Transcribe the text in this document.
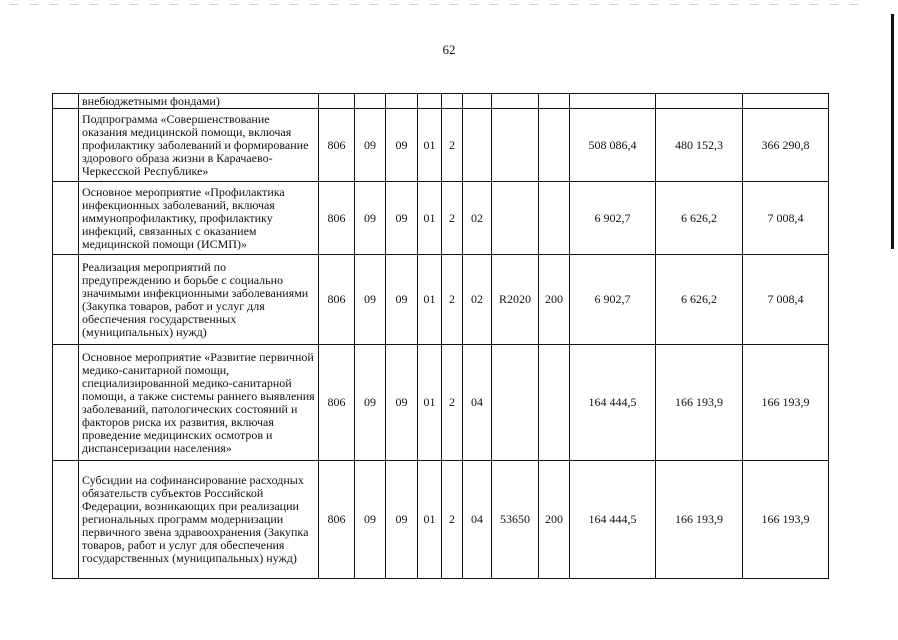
62
	внебюджетными фондами)											
	Подпрограмма «Совершенствование оказания медицинской помощи, включая профилактику заболеваний и формирование здорового образа жизни в Карачаево-Черкесской Республике»	806	09	09	01	2				508 086,4	480 152,3	366 290,8
	Основное мероприятие «Профилактика инфекционных заболеваний, включая иммунопрофилактику, профилактику инфекций, связанных с оказанием медицинской помощи (ИСМП)»	806	09	09	01	2	02			6 902,7	6 626,2	7 008,4
	Реализация мероприятий по предупреждению и борьбе с социально значимыми инфекционными заболеваниями (Закупка товаров, работ и услуг для обеспечения государственных (муниципальных) нужд)	806	09	09	01	2	02	R2020	200	6 902,7	6 626,2	7 008,4
	Основное мероприятие «Развитие первичной медико-санитарной помощи, специализированной медико-санитарной помощи, а также системы раннего выявления заболеваний, патологических состояний и факторов риска их развития, включая проведение медицинских осмотров и диспансеризации населения»	806	09	09	01	2	04			164 444,5	166 193,9	166 193,9
	Субсидии на софинансирование расходных обязательств субъектов Российской Федерации, возникающих при реализации региональных программ модернизации первичного звена здравоохранения (Закупка товаров, работ и услуг для обеспечения государственных (муниципальных) нужд)	806	09	09	01	2	04	53650	200	164 444,5	166 193,9	166 193,9
